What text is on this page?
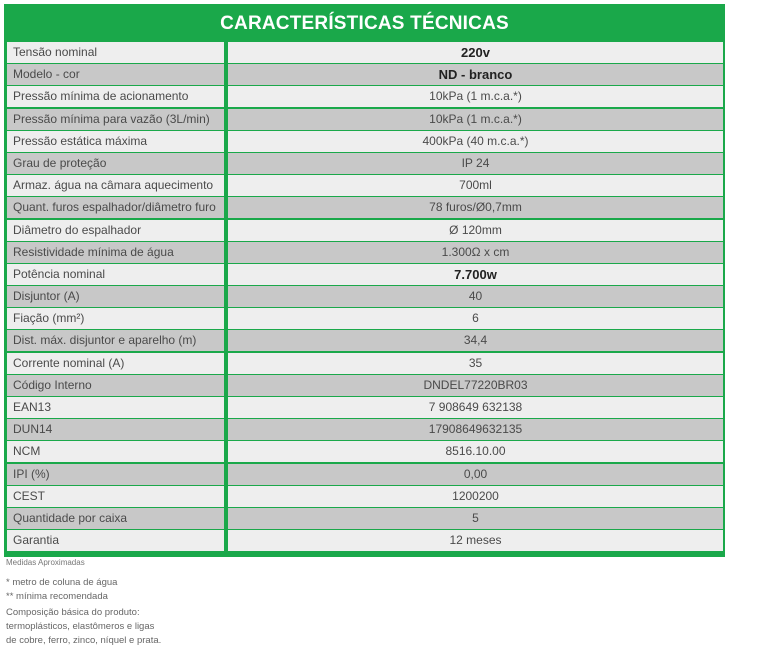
CARACTERÍSTICAS TÉCNICAS
Tensão nominal	220v
Modelo - cor	ND - branco
Pressão mínima de acionamento	10kPa (1 m.c.a.*)
Pressão mínima para vazão (3L/min)	10kPa (1 m.c.a.*)
Pressão estática máxima	400kPa (40 m.c.a.*)
Grau de proteção	IP 24
Armaz. água na câmara aquecimento	700ml
Quant. furos espalhador/diâmetro furo	78 furos/Ø0,7mm
Diâmetro do espalhador	Ø 120mm
Resistividade mínima de água	1.300Ω x cm
Potência nominal	7.700w
Disjuntor (A)	40
Fiação (mm²)	6
Dist. máx. disjuntor e aparelho (m)	34,4
Corrente nominal (A)	35
Código Interno	DNDEL77220BR03
EAN13	7 908649 632138
DUN14	17908649632135
NCM	8516.10.00
IPI (%)	0,00
CEST	1200200
Quantidade por caixa	5
Garantia	12 meses
Medidas Aproximadas
* metro de coluna de água
** mínima recomendada
Composição básica do produto:
termoplásticos, elastômeros e ligas
de cobre, ferro, zinco, níquel e prata.
